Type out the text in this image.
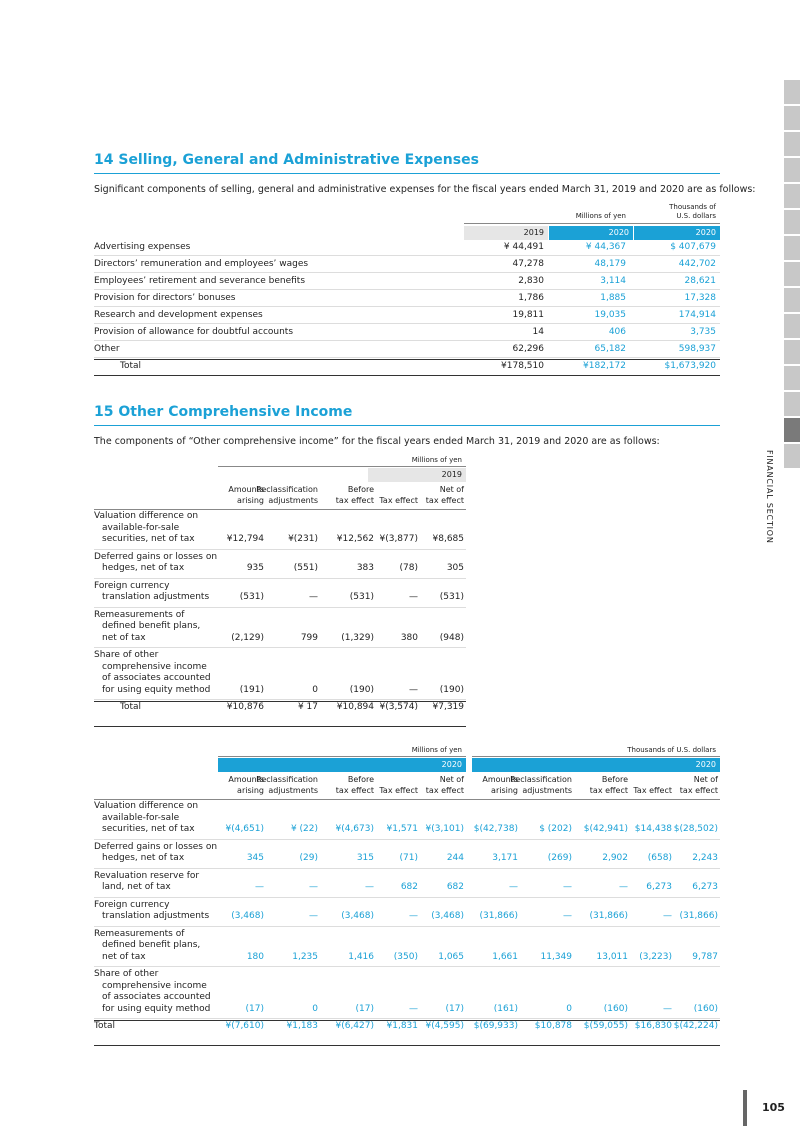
FINANCIAL SECTION
105
14 Selling, General and Administrative Expenses
Significant components of selling, general and administrative expenses for the fiscal years ended March 31, 2019 and 2020 are as follows:
Millions of yen
Thousands of
U.S. dollars
2019	2020	2020
Advertising expenses	¥ 44,491	¥ 44,367	$ 407,679
Directors’ remuneration and employees’ wages	47,278	48,179	442,702
Employees’ retirement and severance benefits	2,830	3,114	28,621
Provision for directors’ bonuses	1,786	1,885	17,328
Research and development expenses	19,811	19,035	174,914
Provision of allowance for doubtful accounts	14	406	3,735
Other	62,296	65,182	598,937
Total	¥178,510	¥182,172	$1,673,920
15 Other Comprehensive Income
The components of “Other comprehensive income” for the fiscal years ended March 31, 2019 and 2020 are as follows:
Millions of yen
2019
Amounts
arising
Reclassification
adjustments
Before
tax effect Tax effect
Net of
tax effect
Valuation difference on
available-for-sale
securities, net of tax	¥12,794	¥(231)	¥12,562 ¥(3,877)	¥8,685
Deferred gains or losses on
hedges, net of tax	935	(551)	383	(78)	305
Foreign currency
translation adjustments	(531)	—	(531)	—	(531)
Remeasurements of
defined benefit plans,
net of tax	(2,129)	799	(1,329)	380	(948)
Share of other
comprehensive income
of associates accounted
for using equity method	(191)	0	(190)	—	(190)
Total	¥10,876	¥ 17	¥10,894 ¥(3,574)	¥7,319
Millions of yen	Thousands of U.S. dollars
2020	2020
Amounts
arising
Reclassification
adjustments
Before
tax effect Tax effect
Net of
tax effect
Amounts
arising
Reclassification
adjustments
Before
tax effect Tax effect
Net of
tax effect
Valuation difference on
available-for-sale
securities, net of tax	¥(4,651)	¥ (22)	¥(4,673)	¥1,571 ¥(3,101)	$(42,738)	$ (202)	$(42,941) $14,438 $(28,502)
Deferred gains or losses on
hedges, net of tax	345	(29)	315	(71)	244	3,171	(269)	2,902	(658)	2,243
Revaluation reserve for
land, net of tax	—	—	—	682	682	—	—	—	6,273	6,273
Foreign currency
translation adjustments	(3,468)	—	(3,468)	—	(3,468)	(31,866)	—	(31,866)	— (31,866)
Remeasurements of
defined benefit plans,
net of tax	180	1,235	1,416	(350)	1,065	1,661	11,349	13,011	(3,223)	9,787
Share of other
comprehensive income
of associates accounted
for using equity method	(17)	0	(17)	—	(17)	(161)	0	(160)	—	(160)
Total	¥(7,610)	¥1,183	¥(6,427)	¥1,831 ¥(4,595)	$(69,933)	$10,878	$(59,055) $16,830 $(42,224)
